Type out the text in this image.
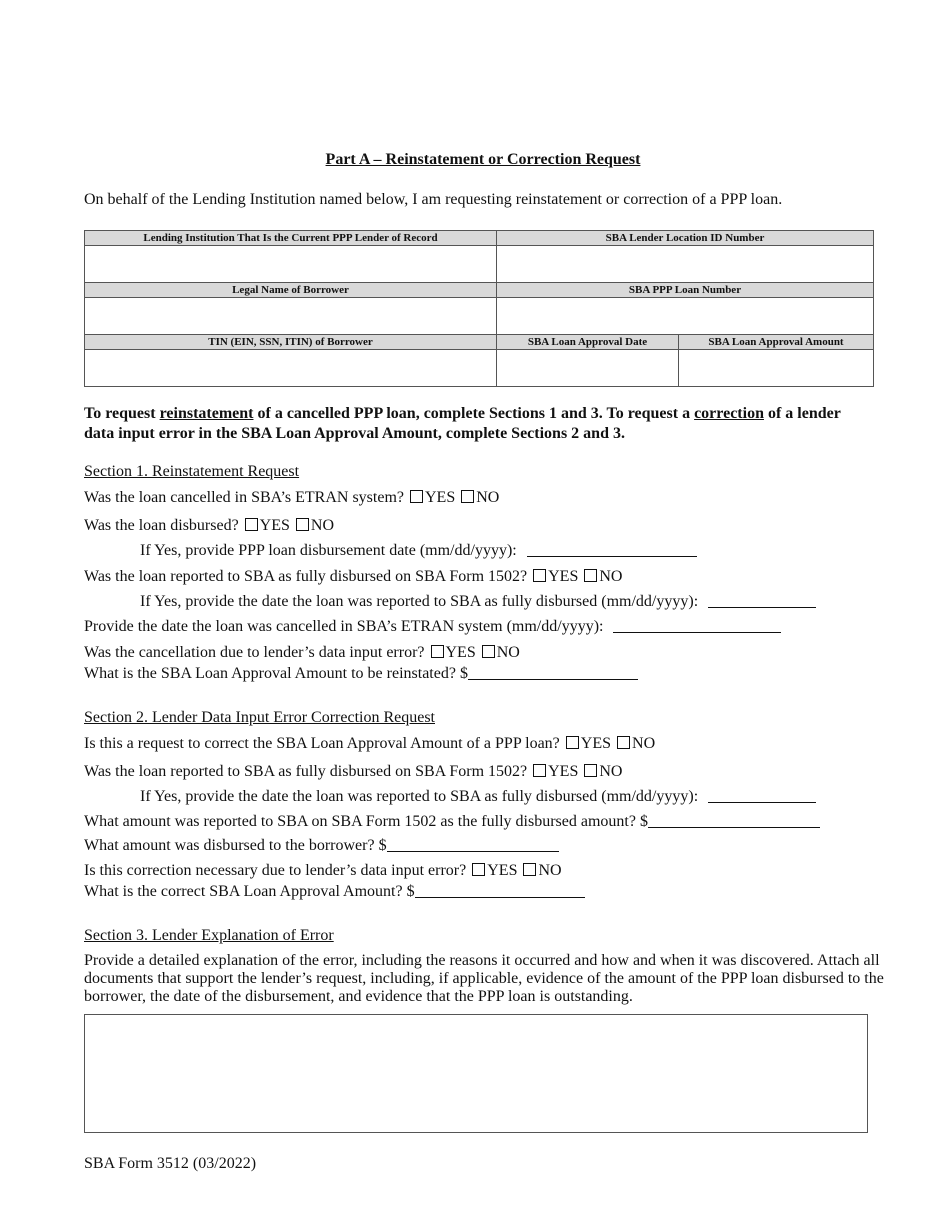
Part A – Reinstatement or Correction Request
On behalf of the Lending Institution named below, I am requesting reinstatement or correction of a PPP loan.
Lending Institution That Is the Current PPP Lender of Record	SBA Lender Location ID Number	

Legal Name of Borrower	SBA PPP Loan Number	

TIN (EIN, SSN, ITIN) of Borrower	SBA Loan Approval Date	SBA Loan Approval Amount

To request reinstatement of a cancelled PPP loan, complete Sections 1 and 3. To request a correction of a lender data input error in the SBA Loan Approval Amount, complete Sections 2 and 3.
Section 1. Reinstatement Request
Was the loan cancelled in SBA’s ETRAN system? YES NO
Was the loan disbursed? YES NO
If Yes, provide PPP loan disbursement date (mm/dd/yyyy):
Was the loan reported to SBA as fully disbursed on SBA Form 1502? YES NO
If Yes, provide the date the loan was reported to SBA as fully disbursed (mm/dd/yyyy):
Provide the date the loan was cancelled in SBA’s ETRAN system (mm/dd/yyyy):
Was the cancellation due to lender’s data input error? YES NO
What is the SBA Loan Approval Amount to be reinstated? $
Section 2. Lender Data Input Error Correction Request
Is this a request to correct the SBA Loan Approval Amount of a PPP loan? YES NO
Was the loan reported to SBA as fully disbursed on SBA Form 1502? YES NO
If Yes, provide the date the loan was reported to SBA as fully disbursed (mm/dd/yyyy):
What amount was reported to SBA on SBA Form 1502 as the fully disbursed amount? $
What amount was disbursed to the borrower? $
Is this correction necessary due to lender’s data input error? YES NO
What is the correct SBA Loan Approval Amount? $
Section 3. Lender Explanation of Error
Provide a detailed explanation of the error, including the reasons it occurred and how and when it was discovered. Attach all documents that support the lender’s request, including, if applicable, evidence of the amount of the PPP loan disbursed to the borrower, the date of the disbursement, and evidence that the PPP loan is outstanding.
SBA Form 3512 (03/2022)
